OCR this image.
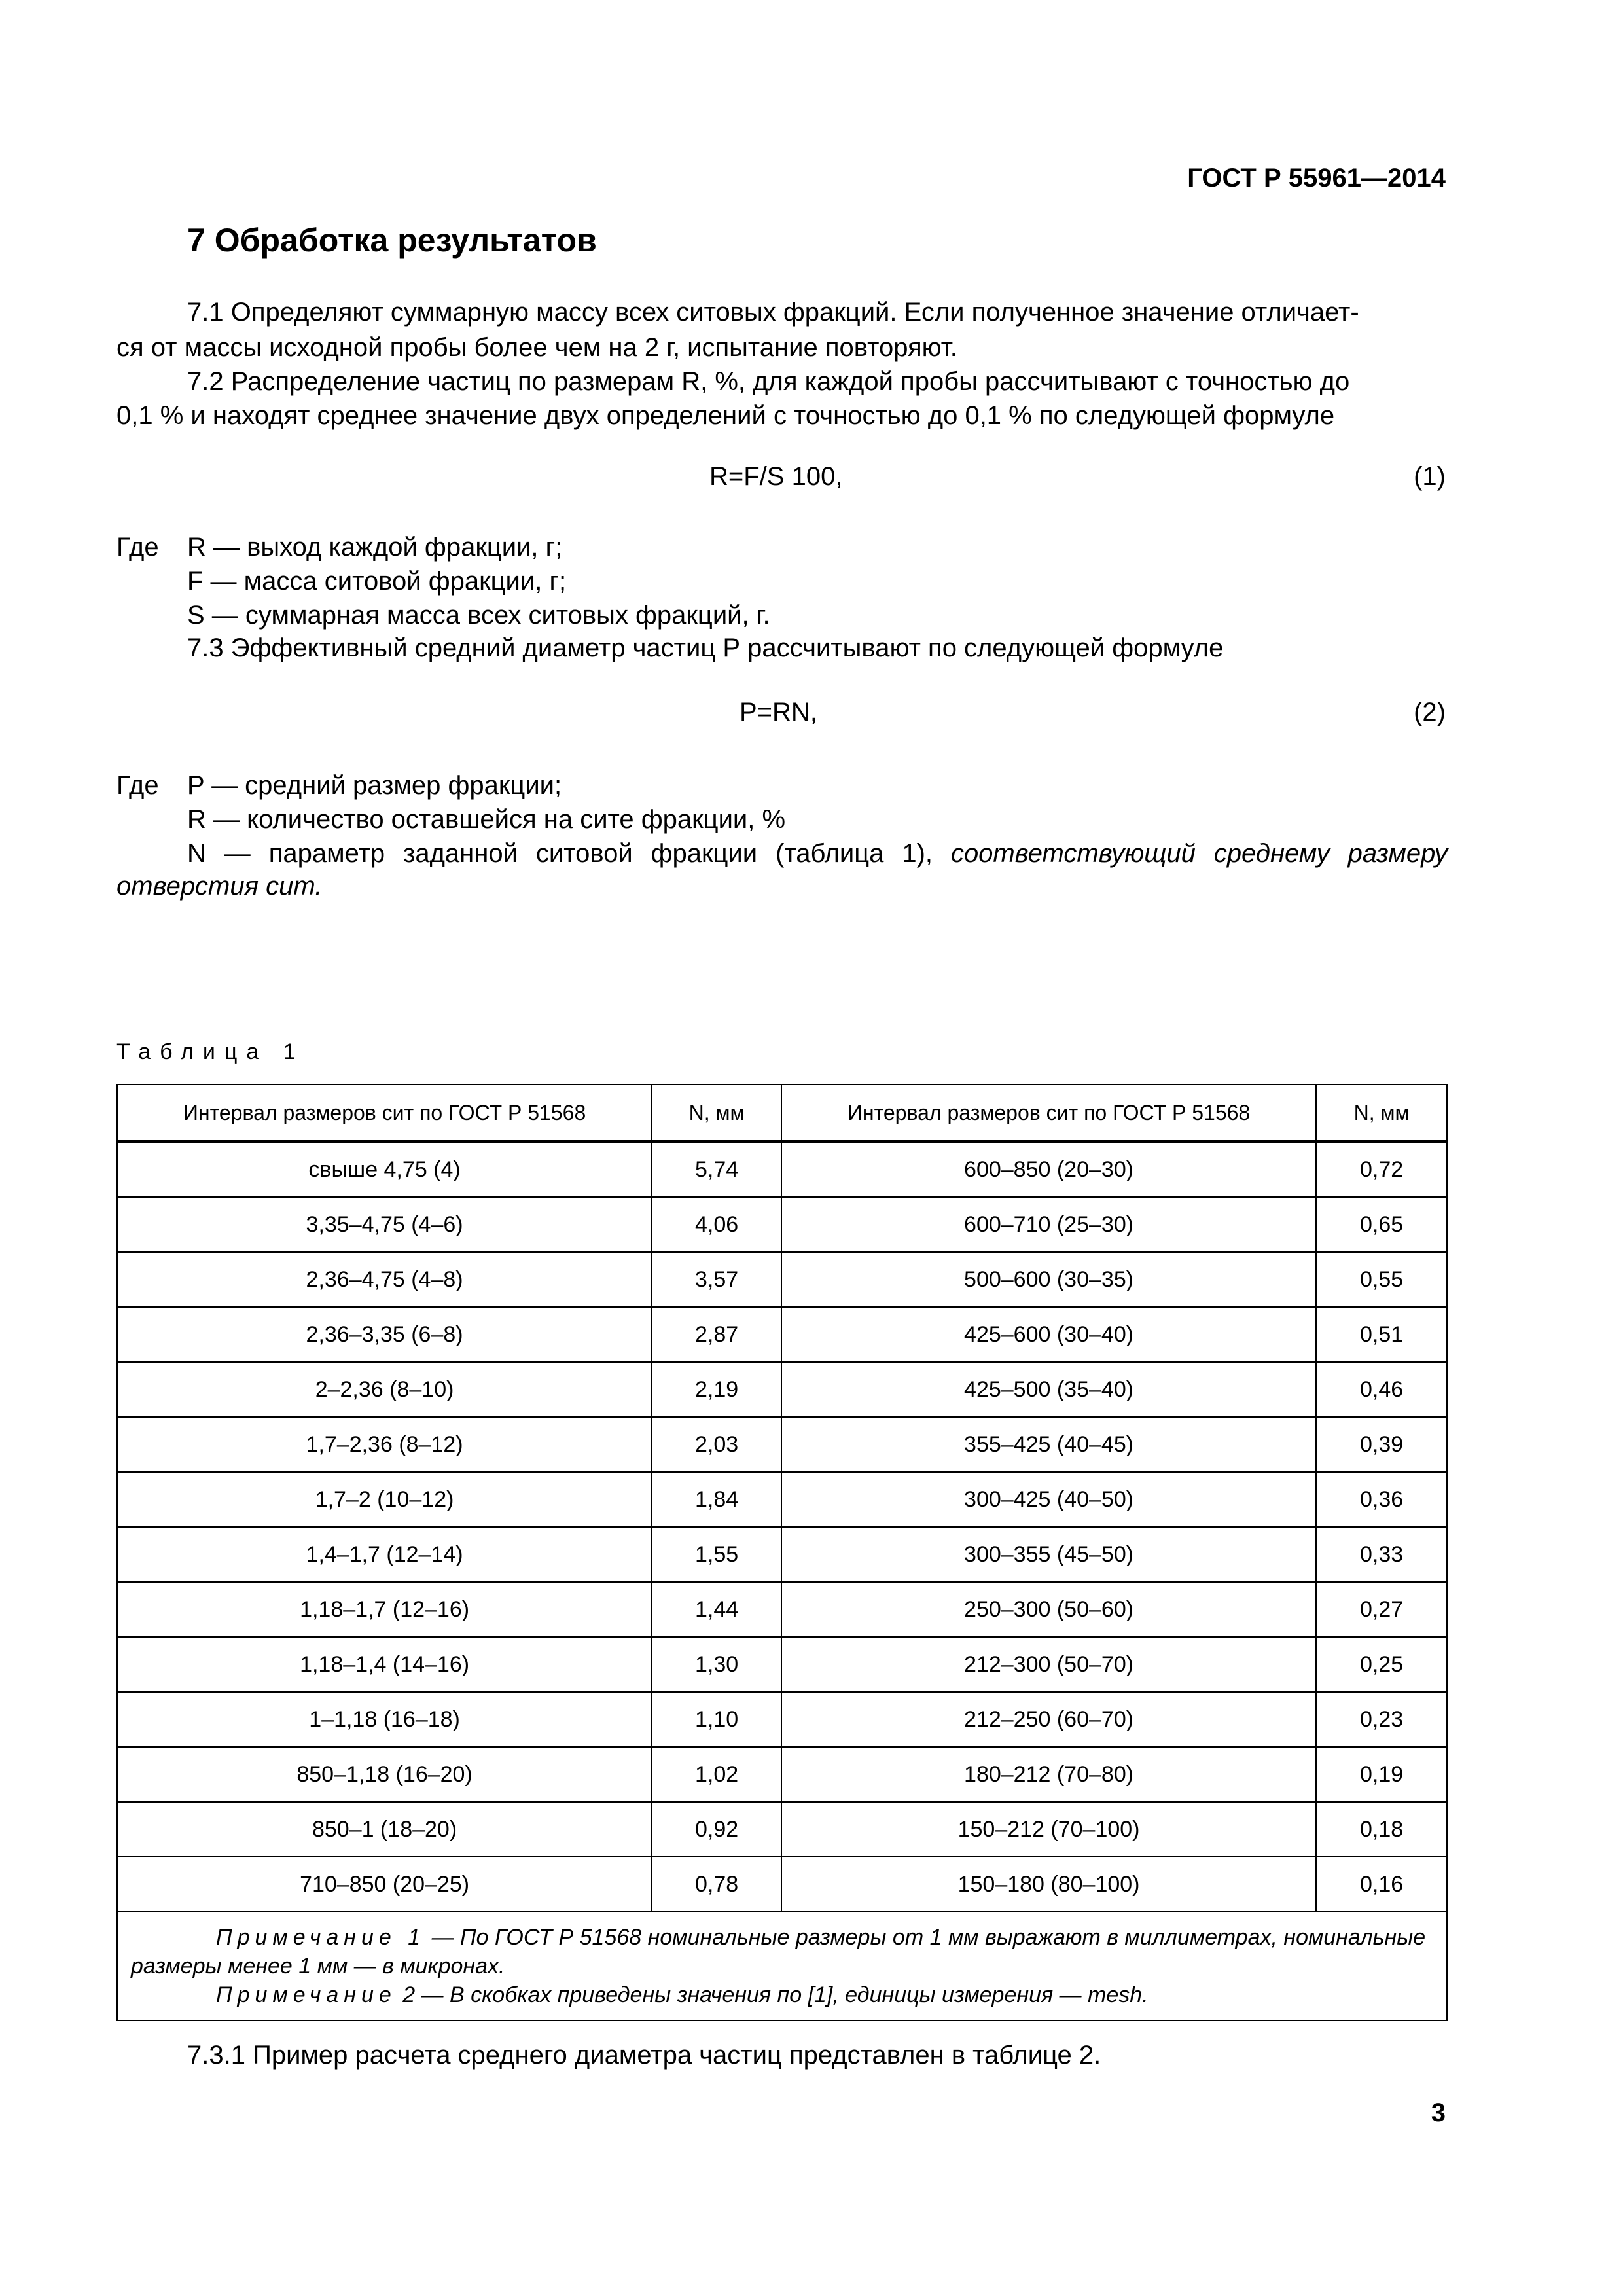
ГОСТ Р 55961—2014
7 Обработка результатов
7.1 Определяют суммарную массу всех ситовых фракций. Если полученное значение отличает-
ся от массы исходной пробы более чем на 2 г, испытание повторяют.
7.2 Распределение частиц по размерам R, %, для каждой пробы рассчитывают с точностью до
0,1 % и находят среднее значение двух определений с точностью до 0,1 % по следующей формуле
R=F/S 100,	(1)
Где R — выход каждой фракции, г;
F — масса ситовой фракции, г;
S — суммарная масса всех ситовых фракций, г.
7.3 Эффективный средний диаметр частиц Р рассчитывают по следующей формуле
P=RN,	(2)
Где P — средний размер фракции;
R — количество оставшейся на сите фракции, %
N — параметр заданной ситовой фракции (таблица 1), соответствующий среднему размеру
отверстия сит.
Таблица 1
Интервал размеров сит по ГОСТ Р 51568	N, мм	Интервал размеров сит по ГОСТ Р 51568	N, мм
свыше 4,75 (4)	5,74	600–850 (20–30)	0,72
3,35–4,75 (4–6)	4,06	600–710 (25–30)	0,65
2,36–4,75 (4–8)	3,57	500–600 (30–35)	0,55
2,36–3,35 (6–8)	2,87	425–600 (30–40)	0,51
2–2,36 (8–10)	2,19	425–500 (35–40)	0,46
1,7–2,36 (8–12)	2,03	355–425 (40–45)	0,39
1,7–2 (10–12)	1,84	300–425 (40–50)	0,36
1,4–1,7 (12–14)	1,55	300–355 (45–50)	0,33
1,18–1,7 (12–16)	1,44	250–300 (50–60)	0,27
1,18–1,4 (14–16)	1,30	212–300 (50–70)	0,25
1–1,18 (16–18)	1,10	212–250 (60–70)	0,23
850–1,18 (16–20)	1,02	180–212 (70–80)	0,19
850–1 (18–20)	0,92	150–212 (70–100)	0,18
710–850 (20–25)	0,78	150–180 (80–100)	0,16

Примечание 1 — По ГОСТ Р 51568 номинальные размеры от 1 мм выражают в миллиметрах, номинальные размеры менее 1 мм — в микронах.
Примечание 2 — В скобках приведены значения по [1], единицы измерения — mesh.			
7.3.1 Пример расчета среднего диаметра частиц представлен в таблице 2.
3
